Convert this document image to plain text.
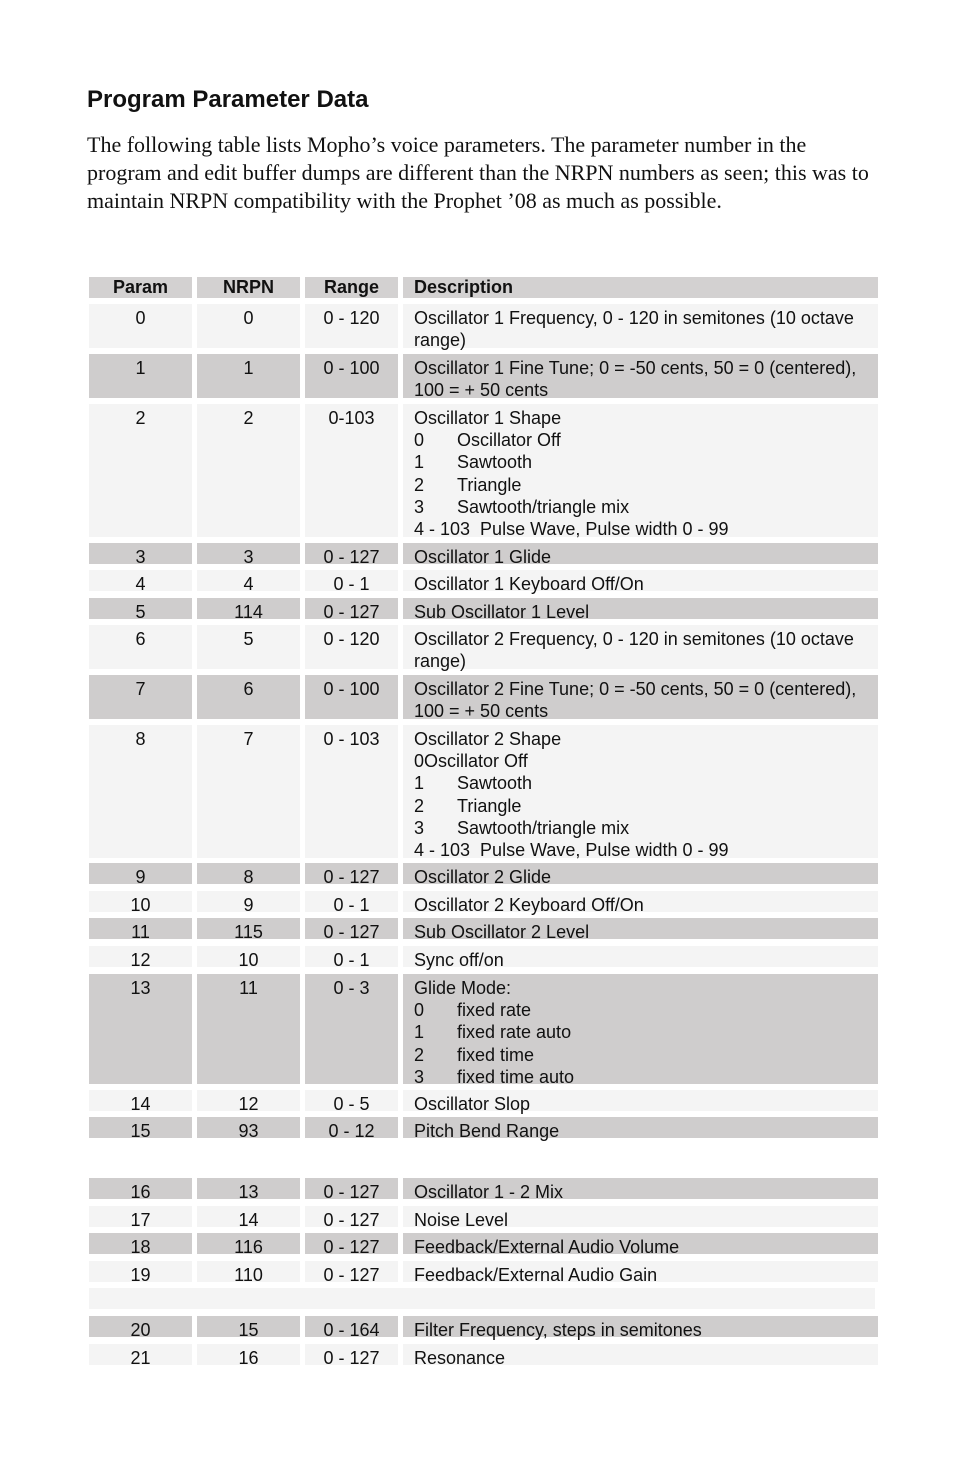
Program Parameter Data

The following table lists Mopho’s voice parameters. The parameter number in the program and edit buffer dumps are different than the NRPN numbers as seen; this was to maintain NRPN compatibility with the Prophet ’08 as much as possible.

Param	NRPN	Range	Description
0	0	0 - 120	Oscillator 1 Frequency, 0 - 120 in semitones (10 octave range)
1	1	0 - 100	Oscillator 1 Fine Tune; 0 = -50 cents, 50 = 0 (centered), 100 = + 50 cents
2	2	0-103	Oscillator 1 Shape
0 Oscillator Off
1 Sawtooth
2 Triangle
3 Sawtooth/triangle mix
4 - 103 Pulse Wave, Pulse width 0 - 99
3	3	0 - 127	Oscillator 1 Glide
4	4	0 - 1	Oscillator 1 Keyboard Off/On
5	114	0 - 127	Sub Oscillator 1 Level
6	5	0 - 120	Oscillator 2 Frequency, 0 - 120 in semitones (10 octave range)
7	6	0 - 100	Oscillator 2 Fine Tune; 0 = -50 cents, 50 = 0 (centered), 100 = + 50 cents
8	7	0 - 103	Oscillator 2 Shape
0Oscillator Off
1 Sawtooth
2 Triangle
3 Sawtooth/triangle mix
4 - 103 Pulse Wave, Pulse width 0 - 99
9	8	0 - 127	Oscillator 2 Glide
10	9	0 - 1	Oscillator 2 Keyboard Off/On
11	115	0 - 127	Sub Oscillator 2 Level
12	10	0 - 1	Sync off/on
13	11	0 - 3	Glide Mode:
0 fixed rate
1 fixed rate auto
2 fixed time
3 fixed time auto
14	12	0 - 5	Oscillator Slop
15	93	0 - 12	Pitch Bend Range
16	13	0 - 127	Oscillator 1 - 2 Mix
17	14	0 - 127	Noise Level
18	116	0 - 127	Feedback/External Audio Volume
19	110	0 - 127	Feedback/External Audio Gain
20	15	0 - 164	Filter Frequency, steps in semitones
21	16	0 - 127	Resonance
